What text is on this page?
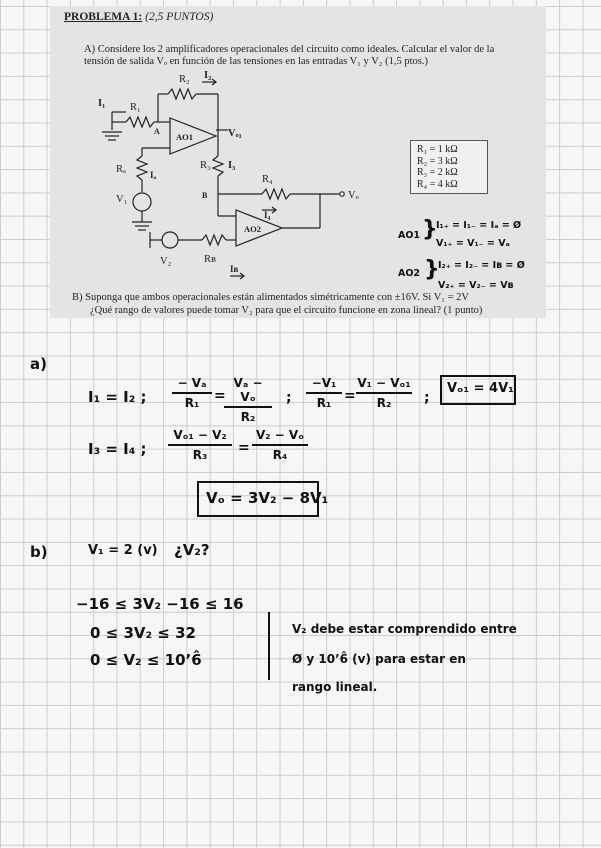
PROBLEMA 1: (2,5 PUNTOS)
A) Considere los 2 amplificadores operacionales del circuito como ideales. Calcular el valor de la
tensión de salida Vₒ en función de las tensiones en las entradas V₁ y V₂ (1,5 ptos.)
R₂ I₂
I₁ R₁
A
AO1	Vₒ₁
Rₐ	Iₐ
V₁
R₃ I₃
R₄
B
I₄
AO2
Vₒ
V₂	Rʙ
Iʙ
AO1 }
I₁₊ = I₁₋ = Iₐ = Ø
V₁₊ = V₁₋ = Vₐ
AO2 }
I₂₊ = I₂₋ = Iʙ = Ø
V₂₊ = V₂₋ = Vʙ
R₁ = 1 kΩ
R₂ = 3 kΩ
R₃ = 2 kΩ
R₄ = 4 kΩ
B) Suponga que ambos operacionales están alimentados simétricamente con ±16V. Si V₁ = 2V
¿Qué rango de valores puede tomar V₂ para que el circuito funcione en zona lineal? (1 punto)
a)
I₁ = I₂ ;
− Vₐ
R₁	=
Vₐ − Vₒ
R₂
;
−V₁
R₁ =
V₁ − Vₒ₁
R₂	;
Vₒ₁ = 4V₁
I₃ = I₄ ;
Vₒ₁ − V₂
R₃	=
V₂ − Vₒ
R₄
Vₒ = 3V₂ − 8V₁
b)	V₁ = 2 (v) ¿V₂?
−16 ≤ 3V₂ −16 ≤ 16
0 ≤ 3V₂ ≤ 32
0 ≤ V₂ ≤ 10’6̂
V₂ debe estar comprendido entre
Ø y 10’6̂ (v) para estar en
rango lineal.
